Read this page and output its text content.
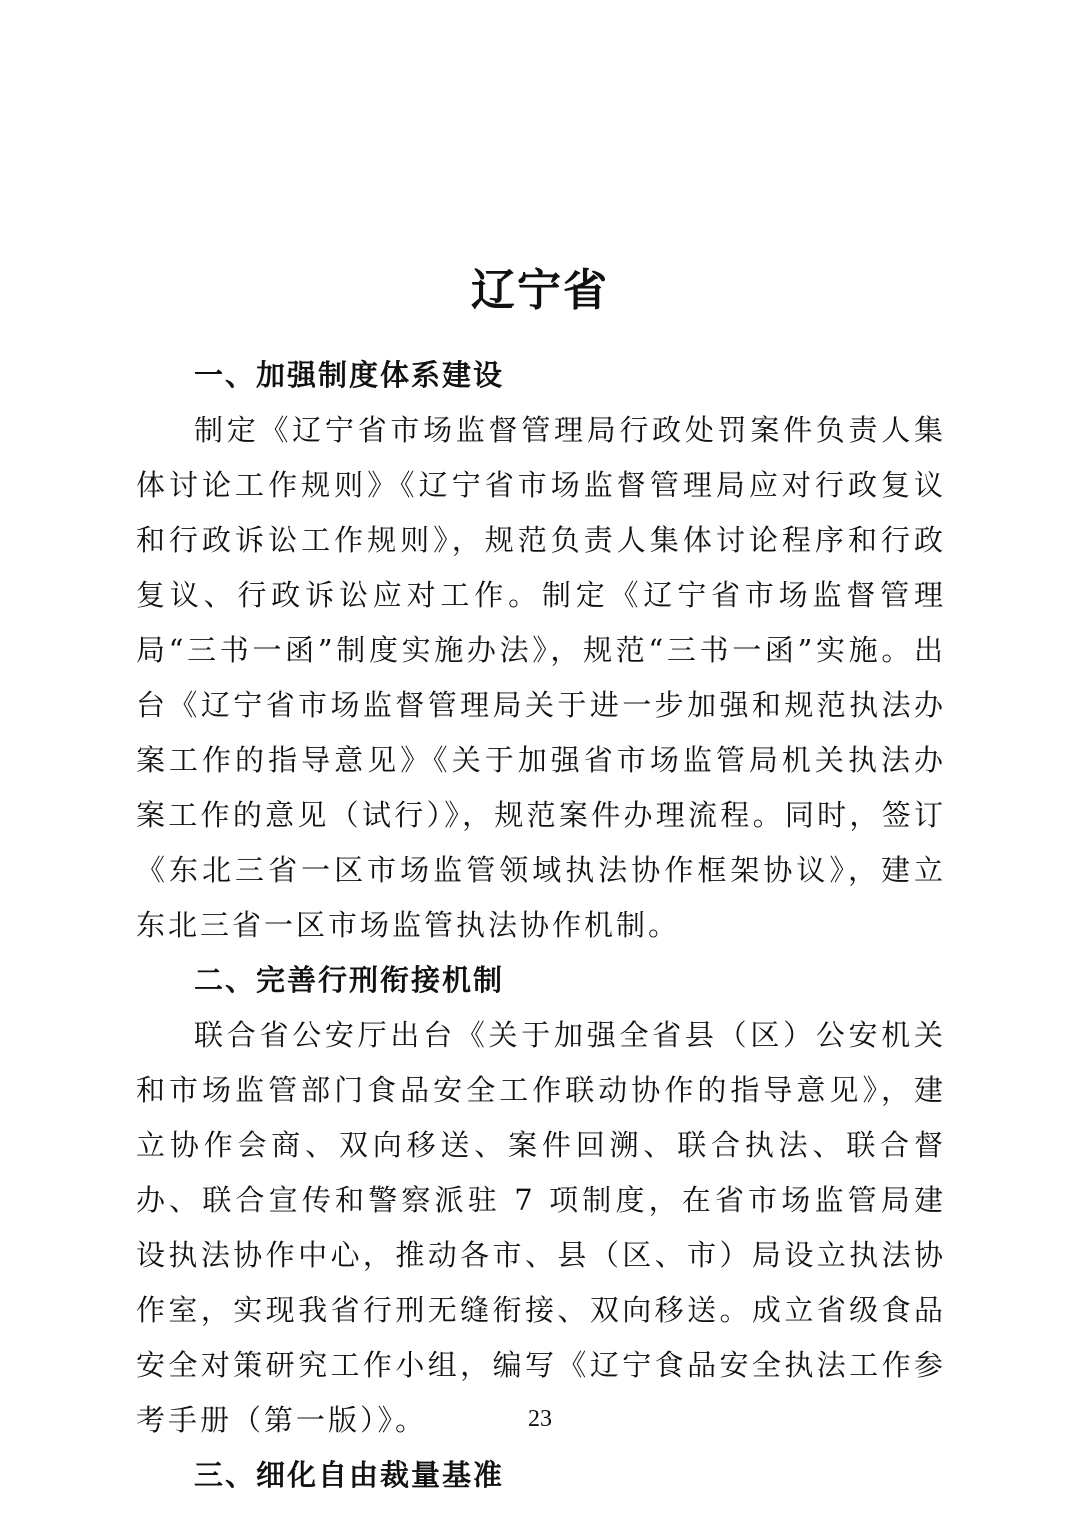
辽宁省
一、加强制度体系建设

制定《辽宁省市场监督管理局行政处罚案件负责人集体讨论工作规则》《辽宁省市场监督管理局应对行政复议和行政诉讼工作规则》，规范负责人集体讨论程序和行政复议、行政诉讼应对工作。制定《辽宁省市场监督管理局“三书一函”制度实施办法》，规范“三书一函”实施。出台《辽宁省市场监督管理局关于进一步加强和规范执法办案工作的指导意见》《关于加强省市场监管局机关执法办案工作的意见（试行）》，规范案件办理流程。同时，签订《东北三省一区市场监管领域执法协作框架协议》，建立东北三省一区市场监管执法协作机制。

二、完善行刑衔接机制

联合省公安厅出台《关于加强全省县（区）公安机关和市场监管部门食品安全工作联动协作的指导意见》，建立协作会商、双向移送、案件回溯、联合执法、联合督办、联合宣传和警察派驻 7 项制度，在省市场监管局建设执法协作中心，推动各市、县（区、市）局设立执法协作室，实现我省行刑无缝衔接、双向移送。成立省级食品安全对策研究工作小组，编写《辽宁食品安全执法工作参考手册（第一版）》。

三、细化自由裁量基准
23
